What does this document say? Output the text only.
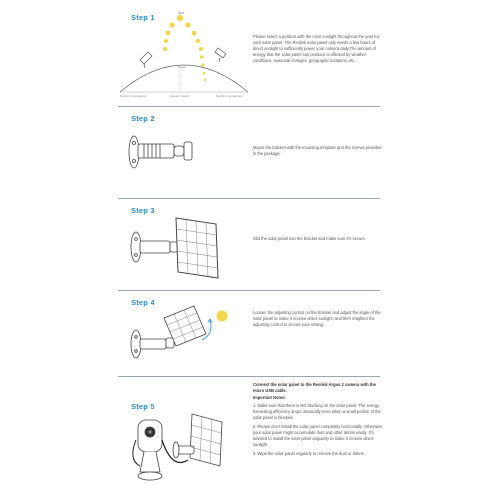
Step 1	Sun
South
Northern hemisphere	Equator (south)	Southern hemisphere
Please select a position with the most sunlight throughout the year for your solar panel. The Reolink solar panel only needs a few hours of direct sunlight to sufficiently power your camera daily.The amount of energy that the solar panel can produce is affected by weather conditions, seasonal changes, geographic locations, etc.
Step 2
Mount the bracket with the mounting template and the screws provided in the package.
Step 3
Slot the solar panel into the bracket and make sure it's secure.
Step 4
Loosen the adjusting control on the bracket and adjust the angle of the solar panel to make it receive direct sunlight, and then retighten the adjusting control to secure your setting.
Step 5

Connect the solar panel to the Reolink Argus 2 camera with the micro USB cable.

Important Notes:

1. Make sure that there is NO blocking on the solar panel. The energy harvesting efficiency drops drastically even when a small portion of the solar panel is blocked.

2. Please don't install the solar panel completely horizontally. Otherwise your solar panel might accumulate dust and other debris easily. It's advised to install the solar panel angularly to make it receive direct sunlight.

3. Wipe the solar panel regularly to remove the dust or debris.
